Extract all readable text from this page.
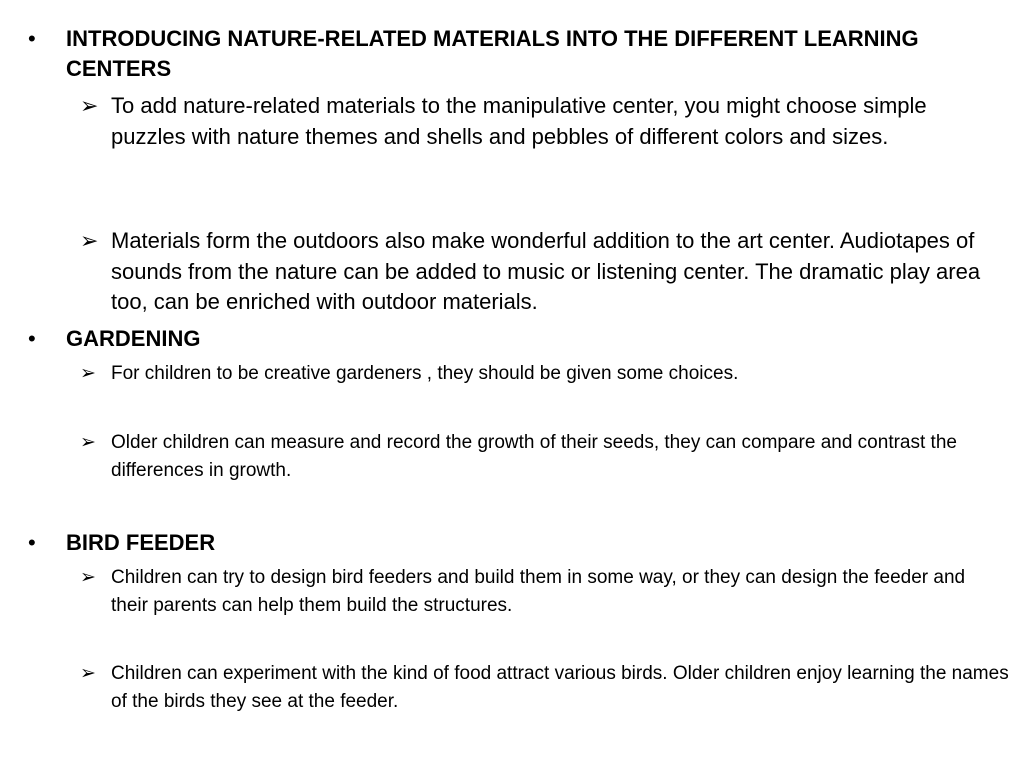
• INTRODUCING NATURE-RELATED MATERIALS INTO THE DIFFERENT LEARNING CENTERS
➢ To add nature-related materials to the manipulative center, you might choose simple puzzles with nature themes and shells and pebbles of different colors and sizes.
➢ Materials form the outdoors also make wonderful addition to the art center. Audiotapes of sounds from the nature can be added to music or listening center. The dramatic play area too, can be enriched with outdoor materials.
• GARDENING
➢ For children to be creative gardeners , they should be given some choices.
➢ Older children can measure and record the growth of their seeds, they can compare and contrast the differences in growth.
• BIRD FEEDER
➢ Children can try to design bird feeders and build them in some way, or they can design the feeder and their parents can help them build the structures.
➢ Children can experiment with the kind of food attract various birds. Older children enjoy learning the names of the birds they see at the feeder.
